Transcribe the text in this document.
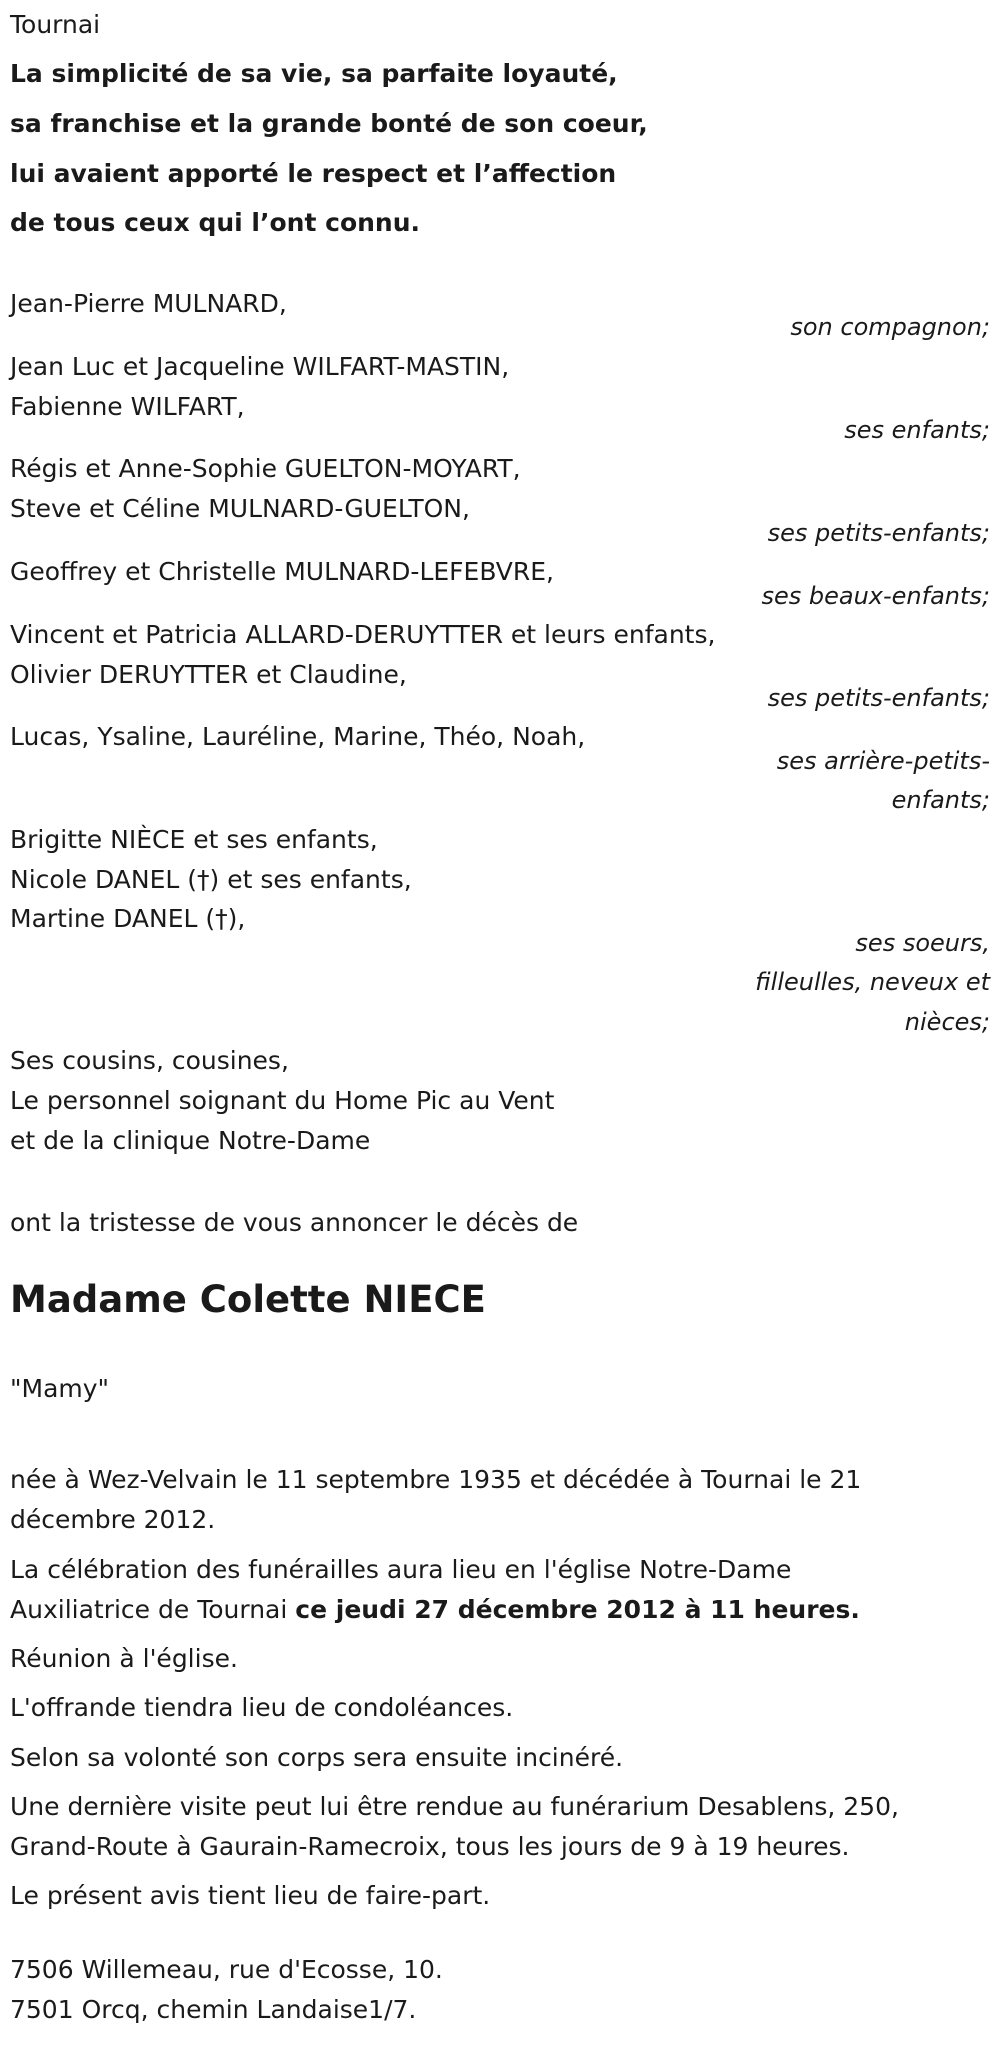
Tournai
La simplicité de sa vie, sa parfaite loyauté,
sa franchise et la grande bonté de son coeur,
lui avaient apporté le respect et l’affection
de tous ceux qui l’ont connu.
Jean-Pierre MULNARD,
son compagnon;
Jean Luc et Jacqueline WILFART-MASTIN,
Fabienne WILFART,
ses enfants;
Régis et Anne-Sophie GUELTON-MOYART,
Steve et Céline MULNARD-GUELTON,
ses petits-enfants;
Geoffrey et Christelle MULNARD-LEFEBVRE,
ses beaux-enfants;
Vincent et Patricia ALLARD-DERUYTTER et leurs enfants,
Olivier DERUYTTER et Claudine,
ses petits-enfants;
Lucas, Ysaline, Lauréline, Marine, Théo, Noah,
ses arrière-petits-
enfants;
Brigitte NIÈCE et ses enfants,
Nicole DANEL (†) et ses enfants,
Martine DANEL (†),
ses soeurs,
filleulles, neveux et
nièces;
Ses cousins, cousines,
Le personnel soignant du Home Pic au Vent
et de la clinique Notre-Dame
ont la tristesse de vous annoncer le décès de
Madame Colette NIECE
"Mamy"
née à Wez-Velvain le 11 septembre 1935 et décédée à Tournai le 21
décembre 2012.
La célébration des funérailles aura lieu en l'église Notre-Dame
Auxiliatrice de Tournai ce jeudi 27 décembre 2012 à 11 heures.
Réunion à l'église.
L'offrande tiendra lieu de condoléances.
Selon sa volonté son corps sera ensuite incinéré.
Une dernière visite peut lui être rendue au funérarium Desablens, 250,
Grand-Route à Gaurain-Ramecroix, tous les jours de 9 à 19 heures.
Le présent avis tient lieu de faire-part.
7506 Willemeau, rue d'Ecosse, 10.
7501 Orcq, chemin Landaise1/7.
